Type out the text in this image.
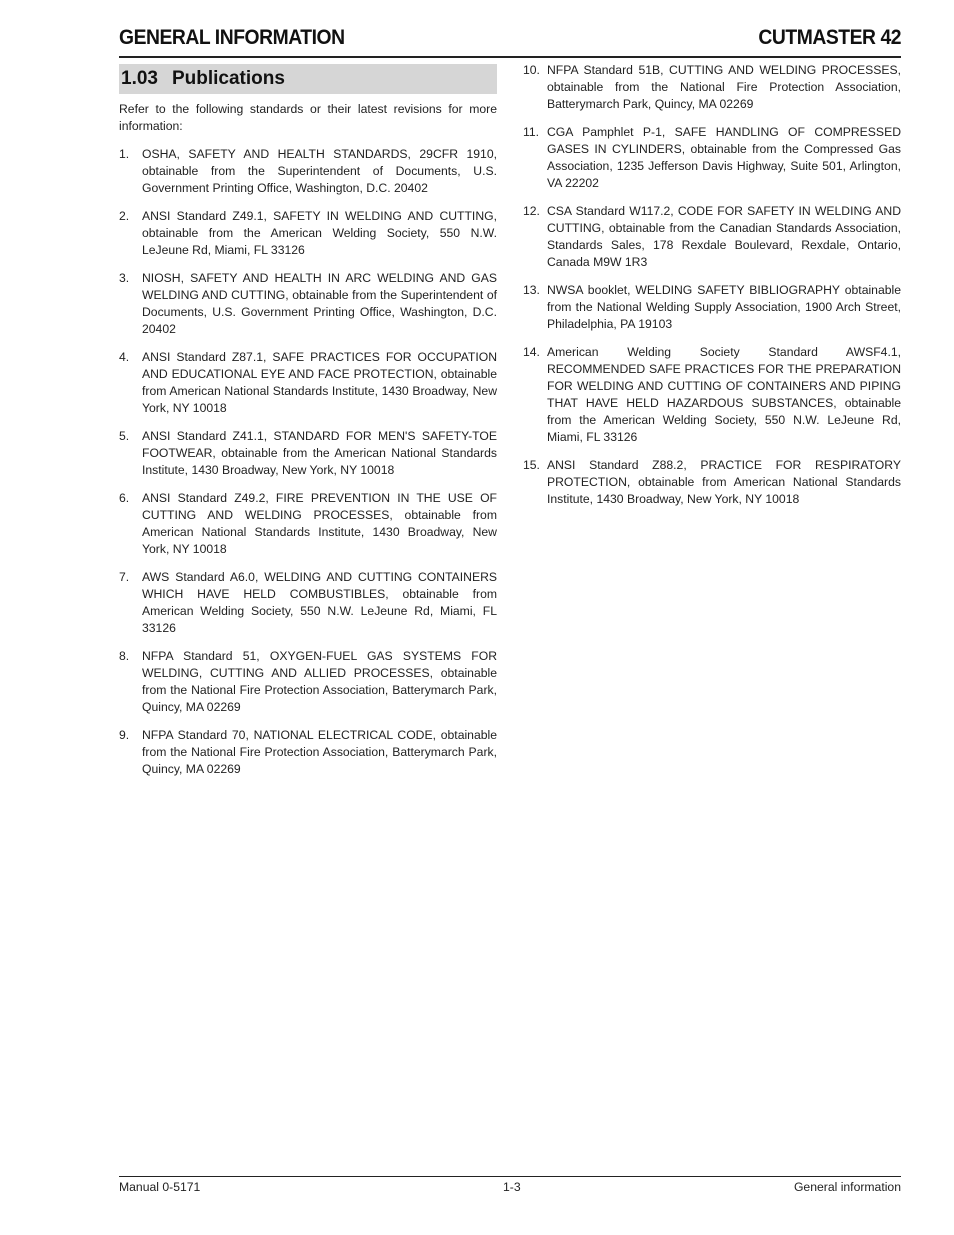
GENERAL INFORMATION	CUTMASTER 42
1.03 Publications

Refer to the following standards or their latest revisions for more information:

1. OSHA, SAFETY AND HEALTH STANDARDS, 29CFR 1910, obtainable from the Superintendent of Documents, U.S. Government Printing Office, Washington, D.C. 20402
2. ANSI Standard Z49.1, SAFETY IN WELDING AND CUTTING, obtainable from the American Welding Society, 550 N.W. LeJeune Rd, Miami, FL 33126
3. NIOSH, SAFETY AND HEALTH IN ARC WELDING AND GAS WELDING AND CUTTING, obtainable from the Superintendent of Documents, U.S. Government Printing Office, Washington, D.C. 20402
4. ANSI Standard Z87.1, SAFE PRACTICES FOR OCCUPATION AND EDUCATIONAL EYE AND FACE PROTECTION, obtainable from American National Standards Institute, 1430 Broadway, New York, NY 10018
5. ANSI Standard Z41.1, STANDARD FOR MEN'S SAFETY-TOE FOOTWEAR, obtainable from the American National Standards Institute, 1430 Broadway, New York, NY 10018
6. ANSI Standard Z49.2, FIRE PREVENTION IN THE USE OF CUTTING AND WELDING PROCESSES, obtainable from American National Standards Institute, 1430 Broadway, New York, NY 10018
7. AWS Standard A6.0, WELDING AND CUTTING CONTAINERS WHICH HAVE HELD COMBUSTIBLES, obtainable from American Welding Society, 550 N.W. LeJeune Rd, Miami, FL 33126
8. NFPA Standard 51, OXYGEN-FUEL GAS SYSTEMS FOR WELDING, CUTTING AND ALLIED PROCESSES, obtainable from the National Fire Protection Association, Batterymarch Park, Quincy, MA 02269
9. NFPA Standard 70, NATIONAL ELECTRICAL CODE, obtainable from the National Fire Protection Association, Batterymarch Park, Quincy, MA 02269
10. NFPA Standard 51B, CUTTING AND WELDING PROCESSES, obtainable from the National Fire Protection Association, Batterymarch Park, Quincy, MA 02269
11. CGA Pamphlet P-1, SAFE HANDLING OF COMPRESSED GASES IN CYLINDERS, obtainable from the Compressed Gas Association, 1235 Jefferson Davis Highway, Suite 501, Arlington, VA 22202
12. CSA Standard W117.2, CODE FOR SAFETY IN WELDING AND CUTTING, obtainable from the Canadian Standards Association, Standards Sales, 178 Rexdale Boulevard, Rexdale, Ontario, Canada M9W 1R3
13. NWSA booklet, WELDING SAFETY BIBLIOGRAPHY obtainable from the National Welding Supply Association, 1900 Arch Street, Philadelphia, PA 19103
14. American Welding Society Standard AWSF4.1, RECOMMENDED SAFE PRACTICES FOR THE PREPARATION FOR WELDING AND CUTTING OF CONTAINERS AND PIPING THAT HAVE HELD HAZARDOUS SUBSTANCES, obtainable from the American Welding Society, 550 N.W. LeJeune Rd, Miami, FL 33126
15. ANSI Standard Z88.2, PRACTICE FOR RESPIRATORY PROTECTION, obtainable from American National Standards Institute, 1430 Broadway, New York, NY 10018
Manual 0-5171	1-3	General information
